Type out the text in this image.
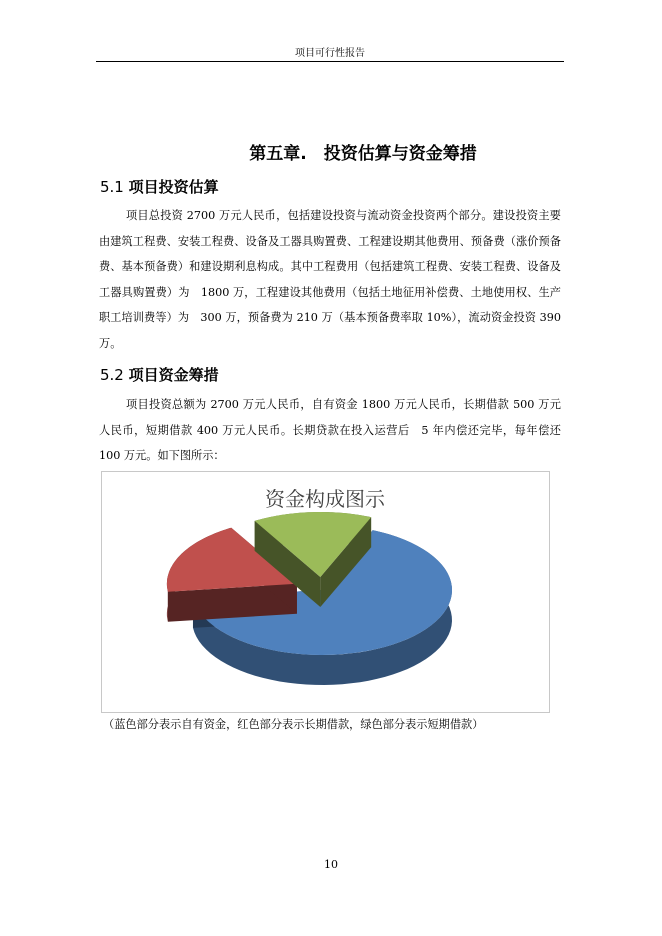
项目可行性报告
第五章.　投资估算与资金筹措
5.1 项目投资估算
项目总投资 2700 万元人民币，包括建设投资与流动资金投资两个部分。建设投资主要由建筑工程费、安装工程费、设备及工器具购置费、工程建设期其他费用、预备费（涨价预备费、基本预备费）和建设期利息构成。其中工程费用（包括建筑工程费、安装工程费、设备及工器具购置费）为　1800 万，工程建设其他费用（包括土地征用补偿费、土地使用权、生产职工培训费等）为　300 万，预备费为 210 万（基本预备费率取 10%），流动资金投资 390 万。
5.2 项目资金筹措
项目投资总额为 2700 万元人民币，自有资金 1800 万元人民币，长期借款 500 万元人民币，短期借款 400 万元人民币。长期贷款在投入运营后　5 年内偿还完毕，每年偿还 100 万元。如下图所示：
资金构成图示
（蓝色部分表示自有资金，红色部分表示长期借款，绿色部分表示短期借款）
10
